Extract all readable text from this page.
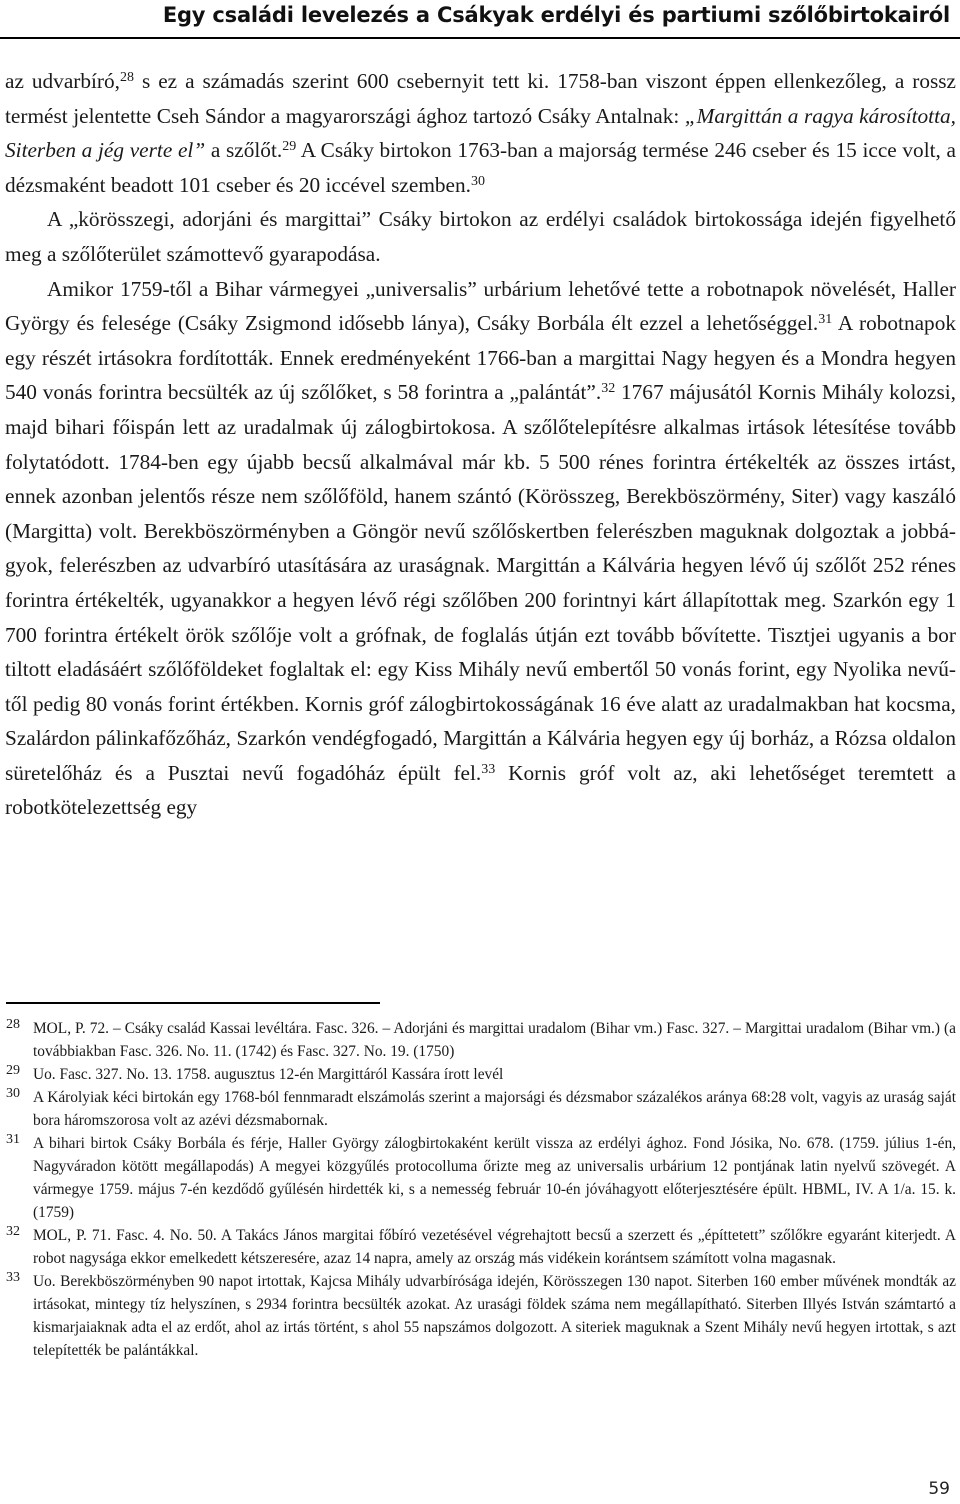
Egy családi levelezés a Csákyak erdélyi és partiumi szőlőbirtokairól

az udvarbíró,$^{28}$ s ez a számadás szerint 600 csebernyit tett ki. 1758-ban viszont éppen ellenkezőleg, a rossz termést jelentette Cseh Sándor a magyarországi ághoz tartozó Csáky Antalnak: „Margittán a ragya károsította, Siterben a jég verte el” a szőlőt.$^{29}$ A Csáky birtokon 1763-ban a majorság termése 246 cseber és 15 icce volt, a dézsmaként beadott 101 cseber és 20 iccével szemben.$^{30}$

A „körösszegi, adorjáni és margittai” Csáky birtokon az erdélyi családok birtokossága idején figyelhető meg a szőlőterület számottevő gyarapodása.

Amikor 1759-től a Bihar vármegyei „universalis” urbárium lehetővé tette a robotnapok növelését, Haller György és felesége (Csáky Zsigmond idősebb lánya), Csáky Borbála élt ezzel a lehetőséggel.$^{31}$ A robotnapok egy részét irtásokra fordították. Ennek eredményeként 1766-ban a margittai Nagy hegyen és a Mondra hegyen 540 vonás forintra becsülték az új szőlőket, s 58 forintra a „palántát”.$^{32}$ 1767 májusától Kornis Mihály kolozsi, majd bihari főispán lett az uradalmak új zálogbirtokosa. A szőlőtelepítésre alkalmas irtások létesítése tovább folytatódott. 1784-ben egy újabb becsű alkalmával már kb. 5 500 rénes forintra értékelték az összes irtást, ennek azonban jelentős része nem szőlőföld, hanem szántó (Körösszeg, Berekböszörmény, Siter) vagy kaszáló (Margitta) volt. Berekböszörményben a Göngör nevű szőlőskertben felerészben maguknak dolgoztak a jobbágyok, felerészben az udvarbíró utasítására az uraságnak. Margittán a Kálvária hegyen lévő új szőlőt 252 rénes forintra értékelték, ugyanakkor a hegyen lévő régi szőlőben 200 forintnyi kárt állapítottak meg. Szarkón egy 1 700 forintra értékelt örök szőlője volt a grófnak, de foglalás útján ezt tovább bővítette. Tisztjei ugyanis a bor tiltott eladásáért szőlőföldeket foglaltak el: egy Kiss Mihály nevű embertől 50 vonás forint, egy Nyolika nevűtől pedig 80 vonás forint értékben. Kornis gróf zálogbirtokosságának 16 éve alatt az uradalmakban hat kocsma, Szalárdon pálinkafőzőház, Szarkón vendégfogadó, Margittán a Kálvária hegyen egy új borház, a Rózsa oldalon süretelőház és a Pusztai nevű fogadóház épült fel.$^{33}$ Kornis gróf volt az, aki lehetőséget teremtett a robotkötelezettség egy

28 MOL, P. 72. – Csáky család Kassai levéltára. Fasc. 326. – Adorjáni és margittai uradalom (Bihar vm.) Fasc. 327. – Margittai uradalom (Bihar vm.) (a továbbiakban Fasc. 326. No. 11. (1742) és Fasc. 327. No. 19. (1750)
29 Uo. Fasc. 327. No. 13. 1758. augusztus 12-én Margittáról Kassára írott levél
30 A Károlyiak kéci birtokán egy 1768-ból fennmaradt elszámolás szerint a majorsági és dézsmabor százalékos aránya 68:28 volt, vagyis az uraság saját bora háromszorosa volt az azévi dézsmabornak.
31 A bihari birtok Csáky Borbála és férje, Haller György zálogbirtokaként került vissza az erdélyi ághoz. Fond Jósika, No. 678. (1759. július 1-én, Nagyváradon kötött megállapodás) A megyei közgyűlés protocolluma őrizte meg az universalis urbárium 12 pontjának latin nyelvű szövegét. A vármegye 1759. május 7-én kezdődő gyűlésén hirdették ki, s a nemesség február 10-én jóváhagyott előterjesztésére épült. HBML, IV. A 1/a. 15. k. (1759)
32 MOL, P. 71. Fasc. 4. No. 50. A Takács János margitai főbíró vezetésével végrehajtott becsű a szerzett és „építtetett” szőlőkre egyaránt kiterjedt. A robot nagysága ekkor emelkedett kétszeresére, azaz 14 napra, amely az ország más vidékein korántsem számított volna magasnak.
33 Uo. Berekböszörményben 90 napot irtottak, Kajcsa Mihály udvarbírósága idején, Körösszegen 130 napot. Siterben 160 ember művének mondták az irtásokat, mintegy tíz helyszínen, s 2934 forintra becsülték azokat. Az urasági földek száma nem megállapítható. Siterben Illyés István számtartó a kismarjaiaknak adta el az erdőt, ahol az irtás történt, s ahol 55 napszámos dolgozott. A siteriek maguknak a Szent Mihály nevű hegyen irtottak, s azt telepítették be palántákkal.
59
